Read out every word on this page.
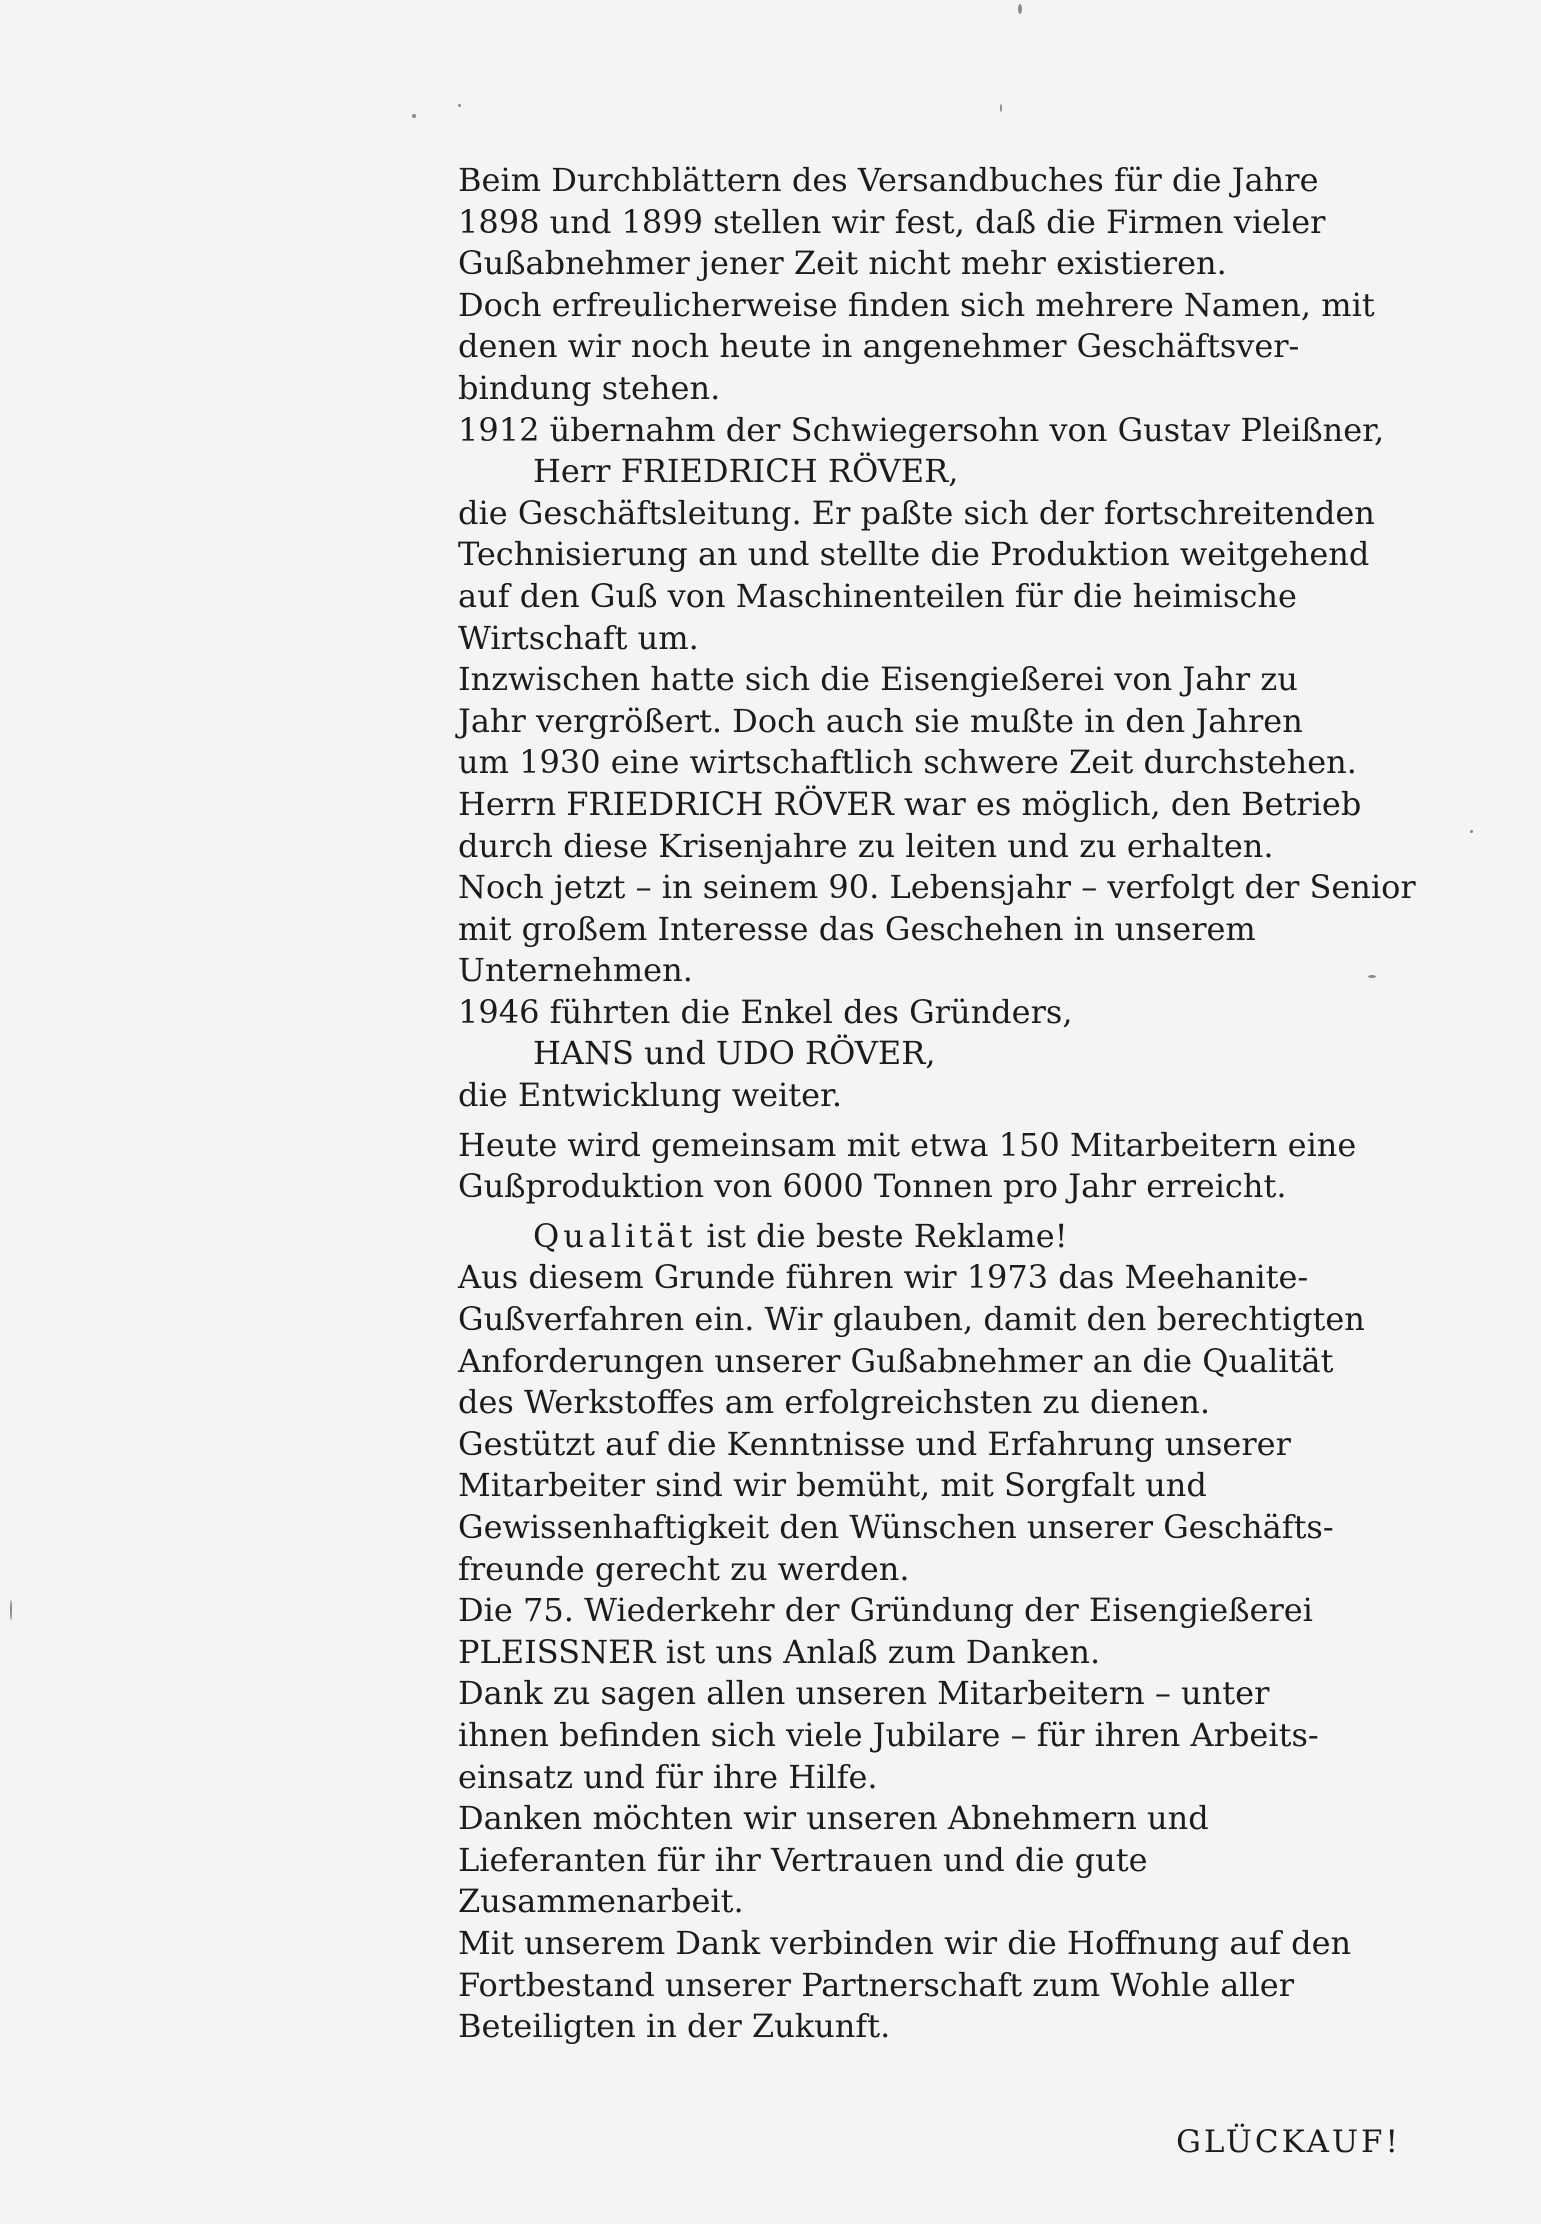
Beim Durchblättern des Versandbuches für die Jahre
1898 und 1899 stellen wir fest, daß die Firmen vieler
Gußabnehmer jener Zeit nicht mehr existieren.
Doch erfreulicherweise finden sich mehrere Namen, mit
denen wir noch heute in angenehmer Geschäftsver-
bindung stehen.
1912 übernahm der Schwiegersohn von Gustav Pleißner,
Herr FRIEDRICH RÖVER,
die Geschäftsleitung. Er paßte sich der fortschreitenden
Technisierung an und stellte die Produktion weitgehend
auf den Guß von Maschinenteilen für die heimische
Wirtschaft um.
Inzwischen hatte sich die Eisengießerei von Jahr zu
Jahr vergrößert. Doch auch sie mußte in den Jahren
um 1930 eine wirtschaftlich schwere Zeit durchstehen.
Herrn FRIEDRICH RÖVER war es möglich, den Betrieb
durch diese Krisenjahre zu leiten und zu erhalten.
Noch jetzt – in seinem 90. Lebensjahr – verfolgt der Senior
mit großem Interesse das Geschehen in unserem
Unternehmen.
1946 führten die Enkel des Gründers,
HANS und UDO RÖVER,
die Entwicklung weiter.
Heute wird gemeinsam mit etwa 150 Mitarbeitern eine
Gußproduktion von 6000 Tonnen pro Jahr erreicht.
Qualität ist die beste Reklame!
Aus diesem Grunde führen wir 1973 das Meehanite-
Gußverfahren ein. Wir glauben, damit den berechtigten
Anforderungen unserer Gußabnehmer an die Qualität
des Werkstoffes am erfolgreichsten zu dienen.
Gestützt auf die Kenntnisse und Erfahrung unserer
Mitarbeiter sind wir bemüht, mit Sorgfalt und
Gewissenhaftigkeit den Wünschen unserer Geschäfts-
freunde gerecht zu werden.
Die 75. Wiederkehr der Gründung der Eisengießerei
PLEISSNER ist uns Anlaß zum Danken.
Dank zu sagen allen unseren Mitarbeitern – unter
ihnen befinden sich viele Jubilare – für ihren Arbeits-
einsatz und für ihre Hilfe.
Danken möchten wir unseren Abnehmern und
Lieferanten für ihr Vertrauen und die gute
Zusammenarbeit.
Mit unserem Dank verbinden wir die Hoffnung auf den
Fortbestand unserer Partnerschaft zum Wohle aller
Beteiligten in der Zukunft.
GLÜCKAUF!
